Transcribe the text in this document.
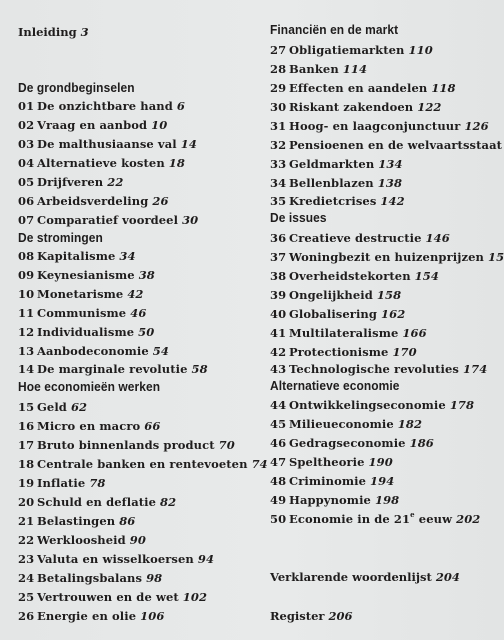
Inleiding 3
De grondbeginselen
01 De onzichtbare hand 6
02 Vraag en aanbod 10
03 De malthusiaanse val 14
04 Alternatieve kosten 18
05 Drijfveren 22
06 Arbeidsverdeling 26
07 Comparatief voordeel 30
De stromingen
08 Kapitalisme 34
09 Keynesianisme 38
10 Monetarisme 42
11 Communisme 46
12 Individualisme 50
13 Aanbodeconomie 54
14 De marginale revolutie 58
Hoe economieën werken
15 Geld 62
16 Micro en macro 66
17 Bruto binnenlands product 70
18 Centrale banken en rentevoeten 74
19 Inflatie 78
20 Schuld en deflatie 82
21 Belastingen 86
22 Werkloosheid 90
23 Valuta en wisselkoersen 94
24 Betalingsbalans 98
25 Vertrouwen en de wet 102
26 Energie en olie 106
Financiën en de markt
27 Obligatiemarkten 110
28 Banken 114
29 Effecten en aandelen 118
30 Riskant zakendoen 122
31 Hoog- en laagconjunctuur 126
32 Pensioenen en de welvaartsstaat
33 Geldmarkten 134
34 Bellenblazen 138
35 Kredietcrises 142
De issues
36 Creatieve destructie 146
37 Woningbezit en huizenprijzen 15
38 Overheidstekorten 154
39 Ongelijkheid 158
40 Globalisering 162
41 Multilateralisme 166
42 Protectionisme 170
43 Technologische revoluties 174
Alternatieve economie
44 Ontwikkelingseconomie 178
45 Milieueconomie 182
46 Gedragseconomie 186
47 Speltheorie 190
48 Criminomie 194
49 Happynomie 198
50 Economie in de 21e eeuw 202
Verklarende woordenlijst 204
Register 206
